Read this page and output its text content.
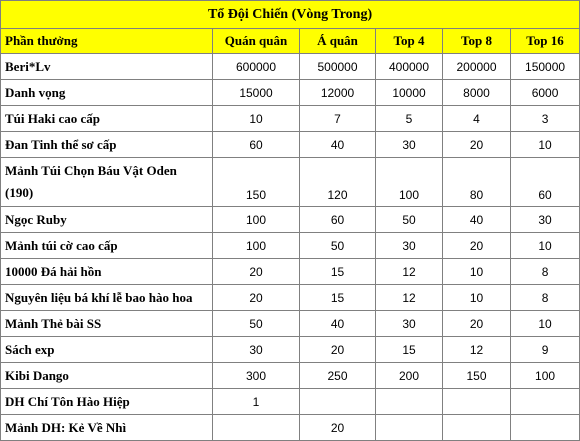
Tổ Đội Chiến (Vòng Trong)					
Phần thưởng	Quán quân	Á quân	Top 4	Top 8	Top 16
Beri*Lv	600000	500000	400000	200000	150000
Danh vọng	15000	12000	10000	8000	6000
Túi Haki cao cấp	10	7	5	4	3
Đan Tinh thể sơ cấp	60	40	30	20	10
Mảnh Túi Chọn Báu Vật Oden (190)	150	120	100	80	60
Ngọc Ruby	100	60	50	40	30
Mảnh túi cờ cao cấp	100	50	30	20	10
10000 Đá hải hồn	20	15	12	10	8
Nguyên liệu bá khí lễ bao hào hoa	20	15	12	10	8
Mảnh Thẻ bài SS	50	40	30	20	10
Sách exp	30	20	15	12	9
Kibi Dango	300	250	200	150	100
DH Chí Tôn Hào Hiệp	1				
Mảnh DH: Kẻ Về Nhì		20			
